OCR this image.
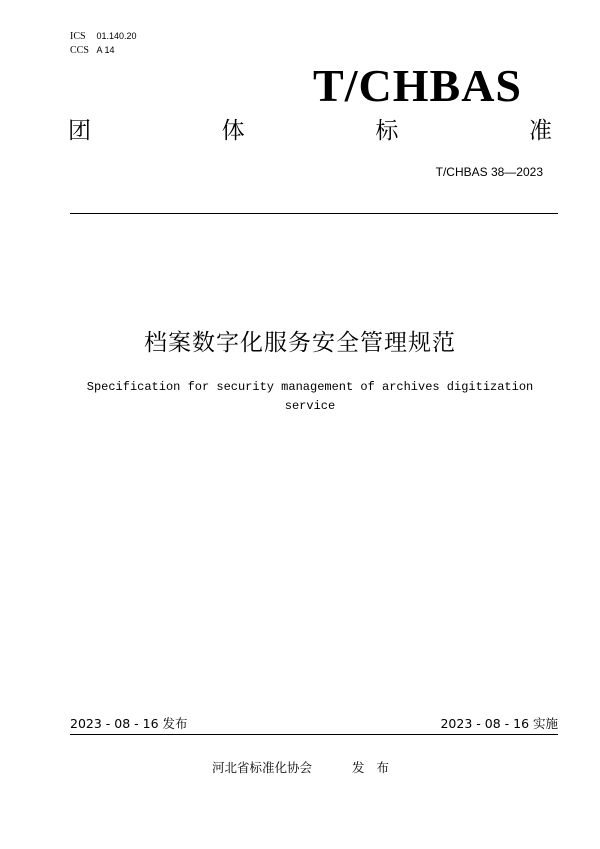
ICS 01.140.20
CCS A 14
T/CHBAS
团	体	标	准
T/CHBAS 38—2023
档案数字化服务安全管理规范
Specification for security management of archives digitization service
2023 - 08 - 16 发布	2023 - 08 - 16 实施
河北省标准化协会	发 布
